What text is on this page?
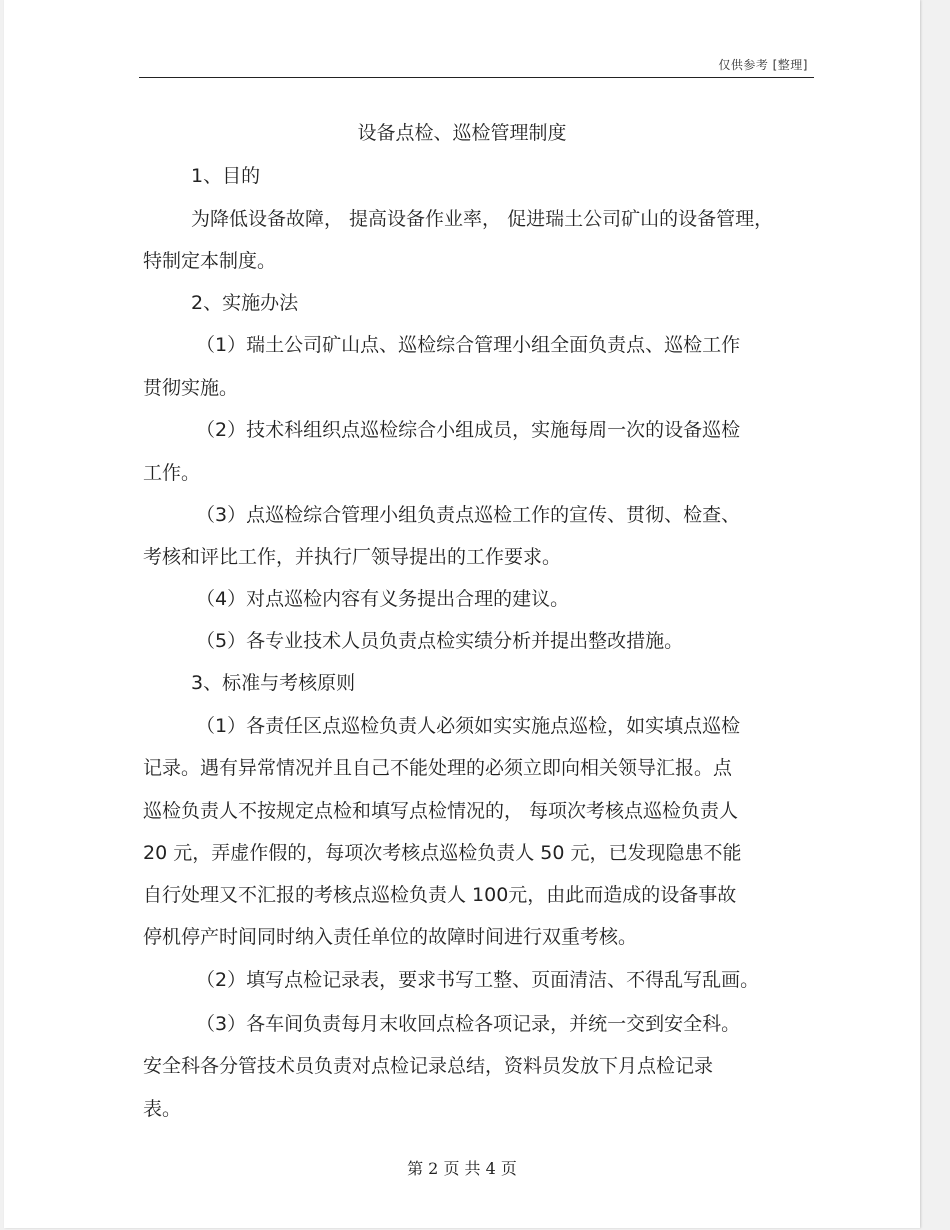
仅供参考 [整理]
设备点检、巡检管理制度
1、目的
为降低设备故障， 提高设备作业率， 促进瑞土公司矿山的设备管理，
特制定本制度。
2、实施办法
（1）瑞土公司矿山点、巡检综合管理小组全面负责点、巡检工作
贯彻实施。
（2）技术科组织点巡检综合小组成员，实施每周一次的设备巡检
工作。
（3）点巡检综合管理小组负责点巡检工作的宣传、贯彻、检查、
考核和评比工作，并执行厂领导提出的工作要求。
（4）对点巡检内容有义务提出合理的建议。
（5）各专业技术人员负责点检实绩分析并提出整改措施。
3、标准与考核原则
（1）各责任区点巡检负责人必须如实实施点巡检，如实填点巡检
记录。遇有异常情况并且自己不能处理的必须立即向相关领导汇报。点
巡检负责人不按规定点检和填写点检情况的， 每项次考核点巡检负责人
20 元，弄虚作假的，每项次考核点巡检负责人 50 元，已发现隐患不能
自行处理又不汇报的考核点巡检负责人 100元，由此而造成的设备事故
停机停产时间同时纳入责任单位的故障时间进行双重考核。
（2）填写点检记录表，要求书写工整、页面清洁、不得乱写乱画。
（3）各车间负责每月末收回点检各项记录，并统一交到安全科。
安全科各分管技术员负责对点检记录总结，资料员发放下月点检记录
表。
第 2 页 共 4 页
